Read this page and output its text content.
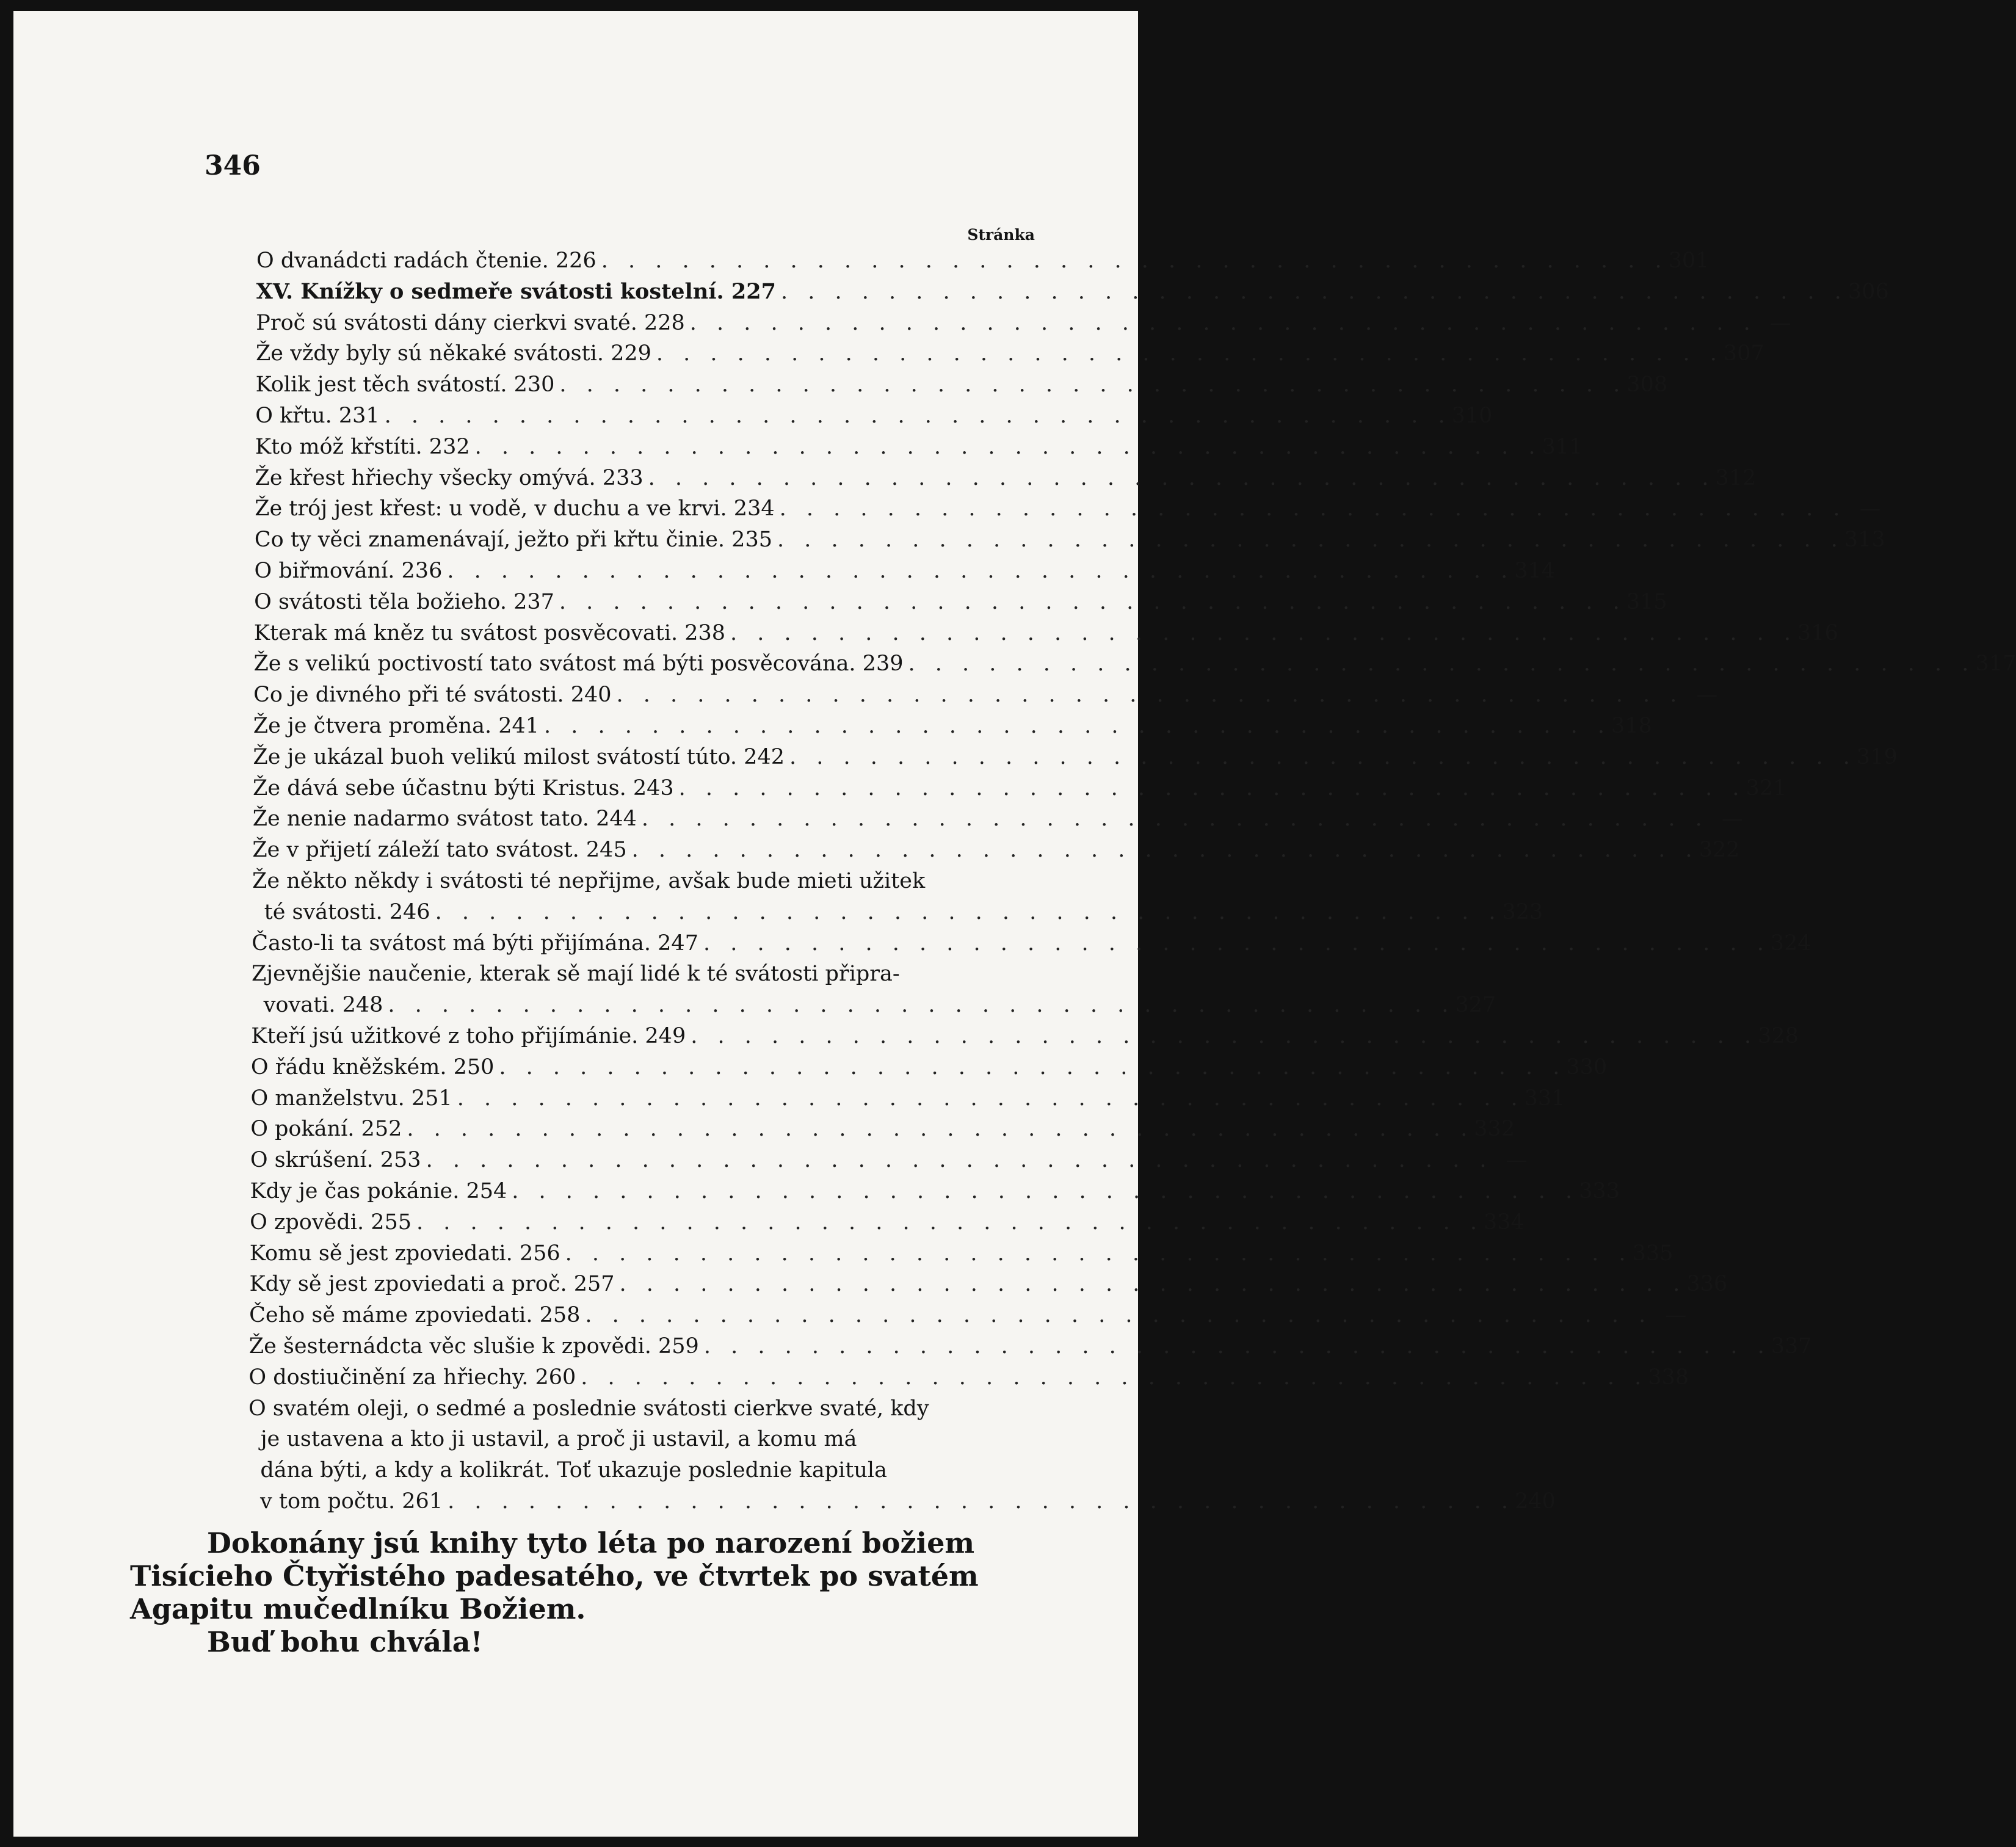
346
Stránka
O dvanádcti radách čtenie. 226 . . . . . . . . . . . . . . . . . . . . . . . . . . . . . . . . . . . . . . . . 301
XV. Knížky o sedmeře svátosti kostelní. 227 . . . . . . . . . . . . . . . . . . . . . . . . . . . . . . . . . . . . . . . . 306
Proč sú svátosti dány cierkvi svaté. 228 . . . . . . . . . . . . . . . . . . . . . . . . . . . . . . . . . . . . . . . . —
Že vždy byly sú někaké svátosti. 229 . . . . . . . . . . . . . . . . . . . . . . . . . . . . . . . . . . . . . . . . 307
Kolik jest těch svátostí. 230 . . . . . . . . . . . . . . . . . . . . . . . . . . . . . . . . . . . . . . . . 308
O křtu. 231 . . . . . . . . . . . . . . . . . . . . . . . . . . . . . . . . . . . . . . . . 310
Kto móž křstíti. 232 . . . . . . . . . . . . . . . . . . . . . . . . . . . . . . . . . . . . . . . . 311
Že křest hřiechy všecky omývá. 233 . . . . . . . . . . . . . . . . . . . . . . . . . . . . . . . . . . . . . . . . 312
Že trój jest křest: u vodě, v duchu a ve krvi. 234 . . . . . . . . . . . . . . . . . . . . . . . . . . . . . . . . . . . . . . . . —
Co ty věci znamenávají, ježto při křtu činie. 235 . . . . . . . . . . . . . . . . . . . . . . . . . . . . . . . . . . . . . . . . 313
O biřmování. 236 . . . . . . . . . . . . . . . . . . . . . . . . . . . . . . . . . . . . . . . . 314
O svátosti těla božieho. 237 . . . . . . . . . . . . . . . . . . . . . . . . . . . . . . . . . . . . . . . . 315
Kterak má kněz tu svátost posvěcovati. 238 . . . . . . . . . . . . . . . . . . . . . . . . . . . . . . . . . . . . . . . . 316
Že s velikú poctivostí tato svátost má býti posvěcována. 239 . . . . . . . . . . . . . . . . . . . . . . . . . . . . . . . . . . . . . . . . 317
Co je divného při té svátosti. 240 . . . . . . . . . . . . . . . . . . . . . . . . . . . . . . . . . . . . . . . . —
Že je čtvera proměna. 241 . . . . . . . . . . . . . . . . . . . . . . . . . . . . . . . . . . . . . . . . 318
Že je ukázal buoh velikú milost svátostí túto. 242 . . . . . . . . . . . . . . . . . . . . . . . . . . . . . . . . . . . . . . . . 319
Že dává sebe účastnu býti Kristus. 243 . . . . . . . . . . . . . . . . . . . . . . . . . . . . . . . . . . . . . . . . 321
Že nenie nadarmo svátost tato. 244 . . . . . . . . . . . . . . . . . . . . . . . . . . . . . . . . . . . . . . . . —
Že v přijetí záleží tato svátost. 245 . . . . . . . . . . . . . . . . . . . . . . . . . . . . . . . . . . . . . . . . 322
Že někto někdy i svátosti té nepřijme, avšak bude mieti užitek
té svátosti. 246 . . . . . . . . . . . . . . . . . . . . . . . . . . . . . . . . . . . . . . . . 323
Často-li ta svátost má býti přijímána. 247 . . . . . . . . . . . . . . . . . . . . . . . . . . . . . . . . . . . . . . . . 324
Zjevnějšie naučenie, kterak sě mají lidé k té svátosti připra-
vovati. 248 . . . . . . . . . . . . . . . . . . . . . . . . . . . . . . . . . . . . . . . . 327
Kteří jsú užitkové z toho přijímánie. 249 . . . . . . . . . . . . . . . . . . . . . . . . . . . . . . . . . . . . . . . . 328
O řádu kněžském. 250 . . . . . . . . . . . . . . . . . . . . . . . . . . . . . . . . . . . . . . . . 330
O manželstvu. 251 . . . . . . . . . . . . . . . . . . . . . . . . . . . . . . . . . . . . . . . . 331
O pokání. 252 . . . . . . . . . . . . . . . . . . . . . . . . . . . . . . . . . . . . . . . . 332
O skrúšení. 253 . . . . . . . . . . . . . . . . . . . . . . . . . . . . . . . . . . . . . . . . —
Kdy je čas pokánie. 254 . . . . . . . . . . . . . . . . . . . . . . . . . . . . . . . . . . . . . . . . 333
O zpovědi. 255 . . . . . . . . . . . . . . . . . . . . . . . . . . . . . . . . . . . . . . . . 334
Komu sě jest zpoviedati. 256 . . . . . . . . . . . . . . . . . . . . . . . . . . . . . . . . . . . . . . . . 335
Kdy sě jest zpoviedati a proč. 257 . . . . . . . . . . . . . . . . . . . . . . . . . . . . . . . . . . . . . . . . 336
Čeho sě máme zpoviedati. 258 . . . . . . . . . . . . . . . . . . . . . . . . . . . . . . . . . . . . . . . . —
Že šesternádcta věc slušie k zpovědi. 259 . . . . . . . . . . . . . . . . . . . . . . . . . . . . . . . . . . . . . . . . 337
O dostiučinění za hřiechy. 260 . . . . . . . . . . . . . . . . . . . . . . . . . . . . . . . . . . . . . . . . 338
O svatém oleji, o sedmé a poslednie svátosti cierkve svaté, kdy
je ustavena a kto ji ustavil, a proč ji ustavil, a komu má
dána býti, a kdy a kolikrát. Toť ukazuje poslednie kapitula
v tom počtu. 261 . . . . . . . . . . . . . . . . . . . . . . . . . . . . . . . . . . . . . . . . 240
Dokonány jsú knihy tyto léta po narození božiem
Tisícieho Čtyřistého padesatého, ve čtvrtek po svatém
Agapitu mučedlníku Božiem.
Buď bohu chvála!
